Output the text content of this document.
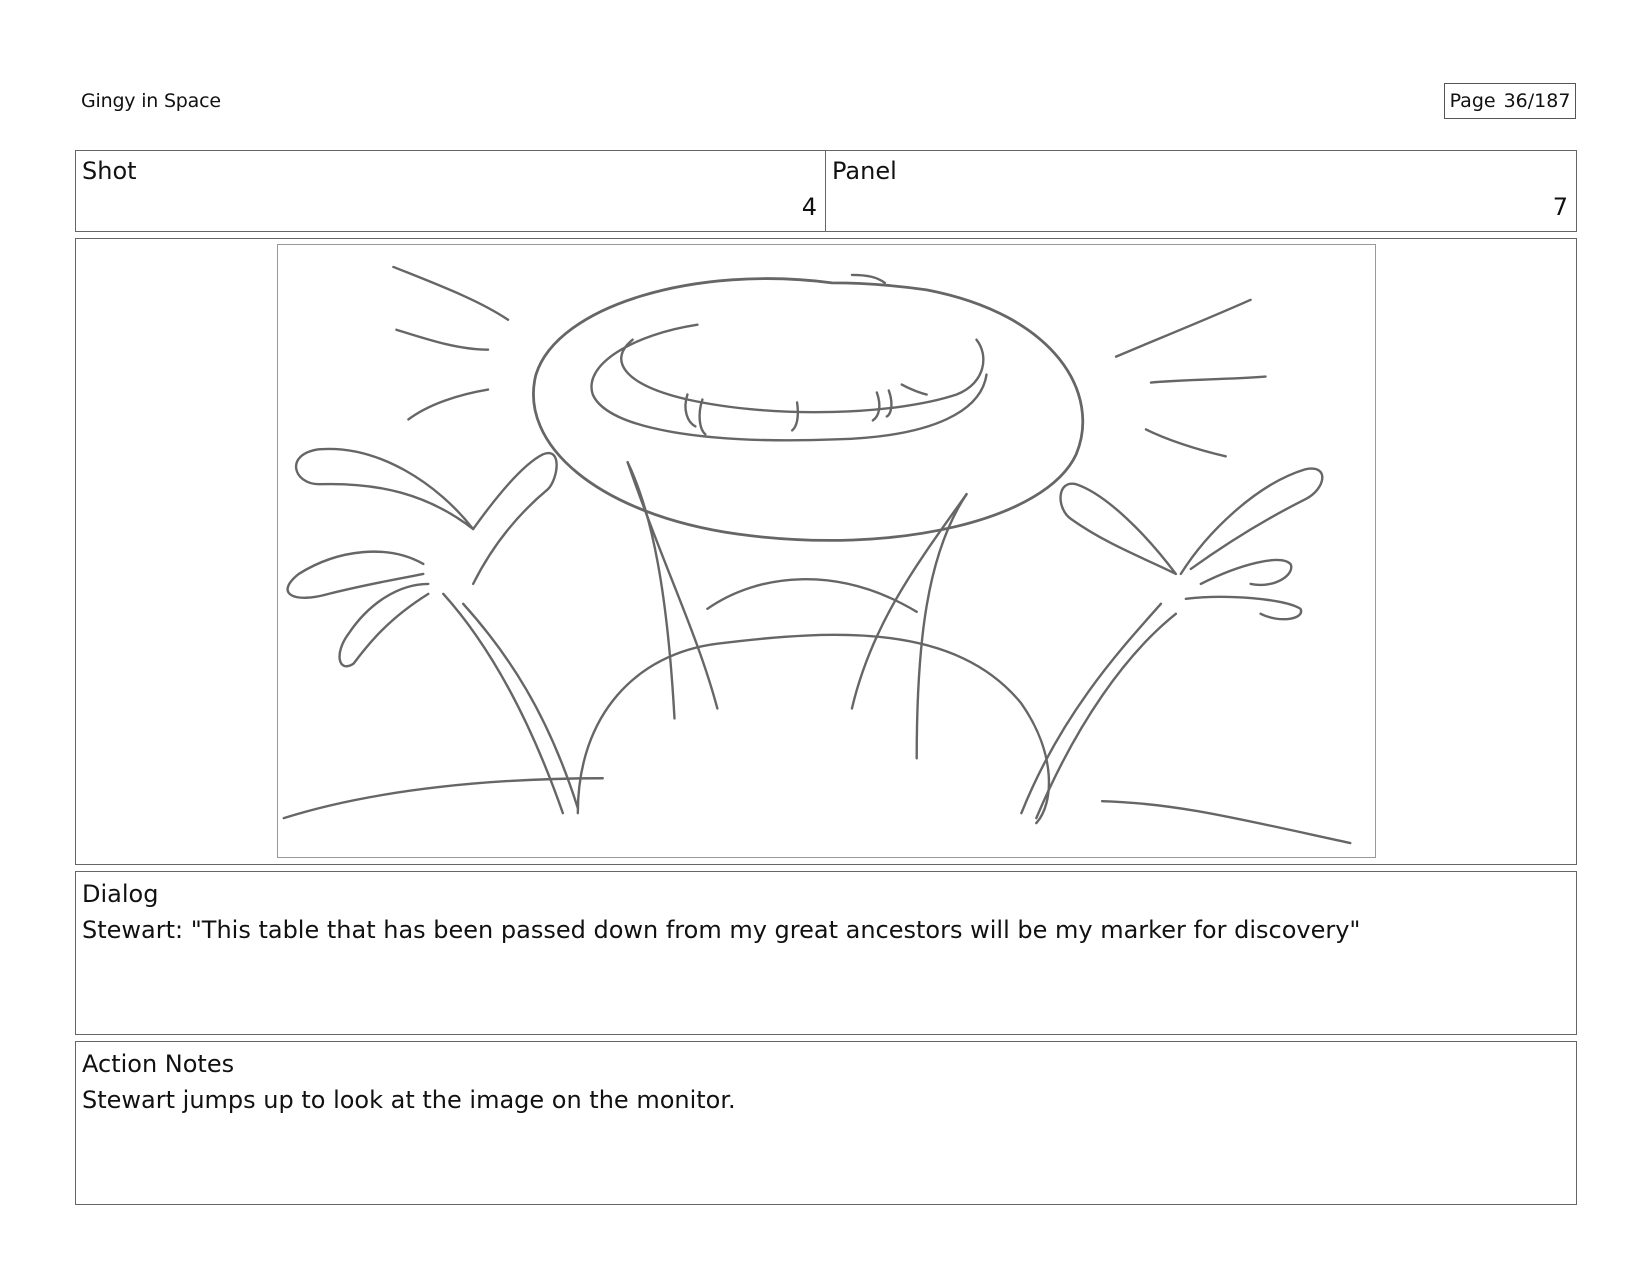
Gingy in Space	Page 36/187
Shot
4
Panel
7
Dialog
Stewart: "This table that has been passed down from my great ancestors will be my marker for discovery"
Action Notes
Stewart jumps up to look at the image on the monitor.
